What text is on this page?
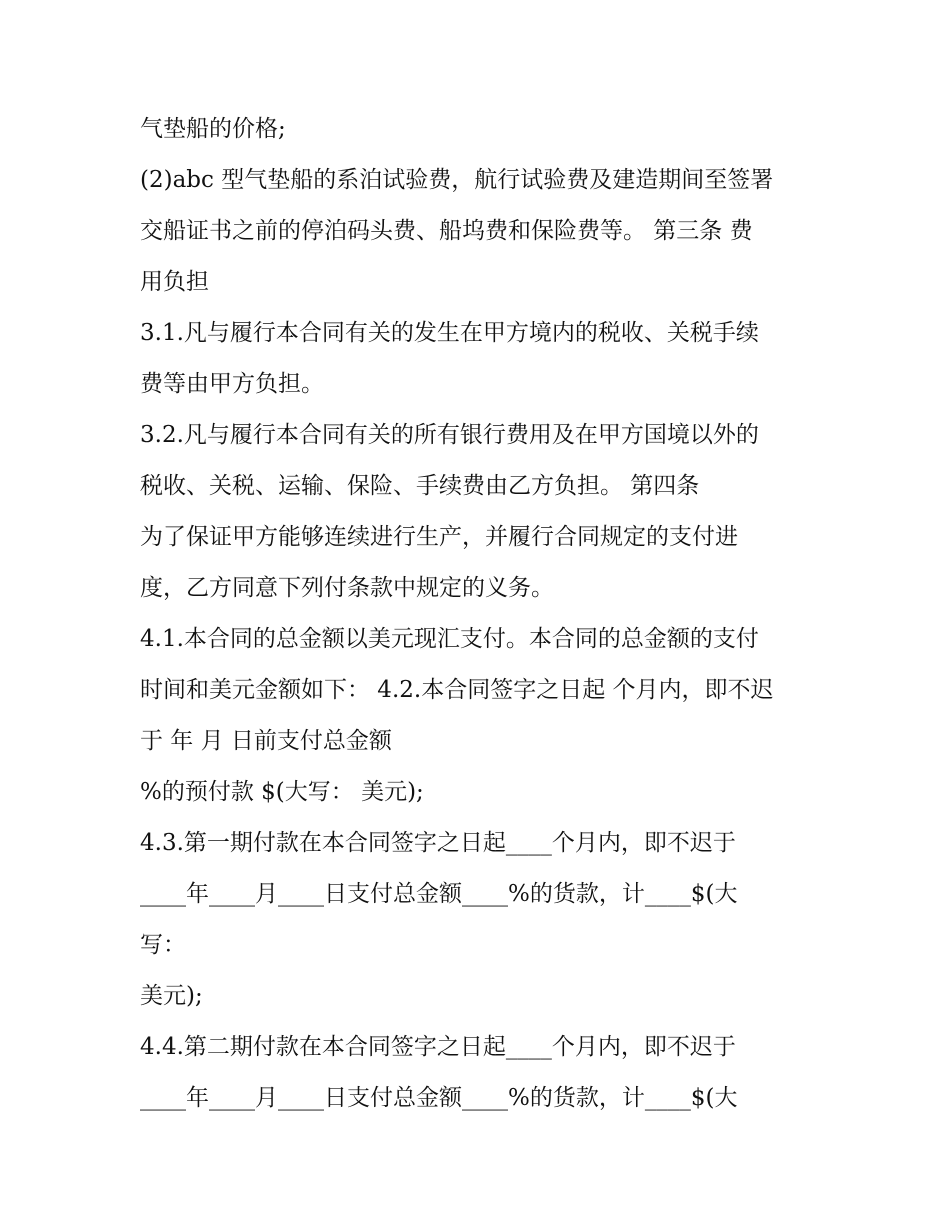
气垫船的价格;

(2)abc 型气垫船的系泊试验费，航行试验费及建造期间至签署

交船证书之前的停泊码头费、船坞费和保险费等。 第三条 费

用负担

3.1.凡与履行本合同有关的发生在甲方境内的税收、关税手续

费等由甲方负担。

3.2.凡与履行本合同有关的所有银行费用及在甲方国境以外的

税收、关税、运输、保险、手续费由乙方负担。 第四条

为了保证甲方能够连续进行生产，并履行合同规定的支付进

度，乙方同意下列付条款中规定的义务。

4.1.本合同的总金额以美元现汇支付。本合同的总金额的支付

时间和美元金额如下： 4.2.本合同签字之日起 个月内，即不迟

于 年 月 日前支付总金额

%的预付款 $(大写： 美元);

4.3.第一期付款在本合同签字之日起____个月内，即不迟于

____年____月____日支付总金额____%的货款，计____$(大

写：

美元);

4.4.第二期付款在本合同签字之日起____个月内，即不迟于

____年____月____日支付总金额____%的货款，计____$(大
